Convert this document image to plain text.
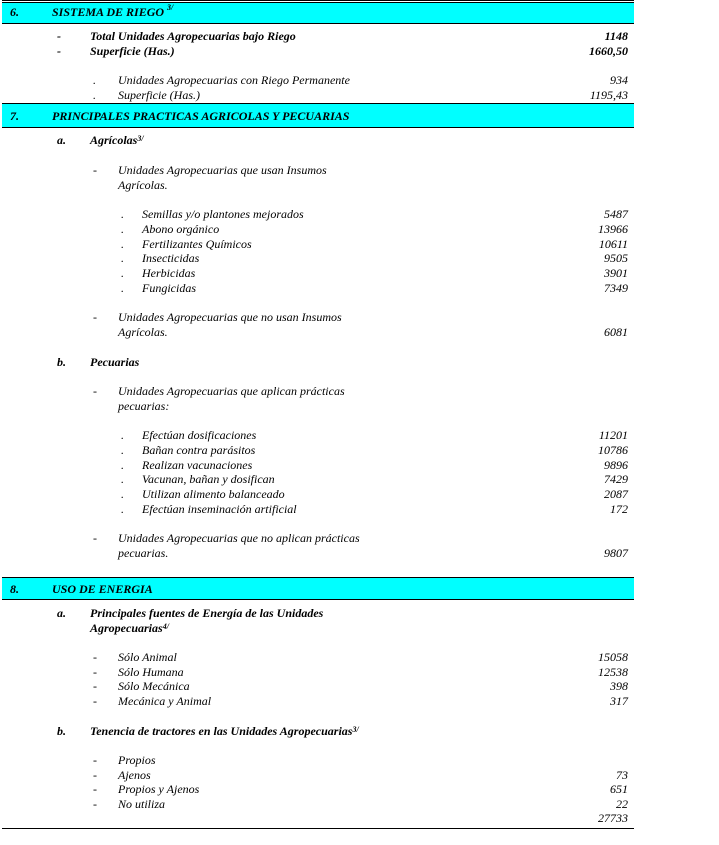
6.	SISTEMA DE RIEGO $^{3/}$
- Total Unidades Agropecuarias bajo Riego	1148
- Superficie (Has.)	1660,50
. Unidades Agropecuarias con Riego Permanente	934
. Superficie (Has.)	1195,43
7.	PRINCIPALES PRACTICAS AGRICOLAS Y PECUARIAS
a. Agrícolas$^{3/}$
- Unidades Agropecuarias que usan Insumos
Agrícolas.
. Semillas y/o plantones mejorados	5487
. Abono orgánico	13966
. Fertilizantes Químicos	10611
. Insecticidas	9505
. Herbicidas	3901
. Fungicidas	7349
- Unidades Agropecuarias que no usan Insumos
Agrícolas.	6081
b. Pecuarias
- Unidades Agropecuarias que aplican prácticas
pecuarias:
. Efectúan dosificaciones	11201
. Bañan contra parásitos	10786
. Realizan vacunaciones	9896
. Vacunan, bañan y dosifican	7429
. Utilizan alimento balanceado	2087
. Efectúan inseminación artificial	172
- Unidades Agropecuarias que no aplican prácticas
pecuarias.	9807
8.	USO DE ENERGIA
a. Principales fuentes de Energía de las Unidades
Agropecuarias$^{4/}$
- Sólo Animal	15058
- Sólo Humana	12538
- Sólo Mecánica	398
- Mecánica y Animal	317
b. Tenencia de tractores en las Unidades Agropecuarias$^{3/}$
- Propios
- Ajenos	73
- Propios y Ajenos	651
- No utiliza	22
27733
